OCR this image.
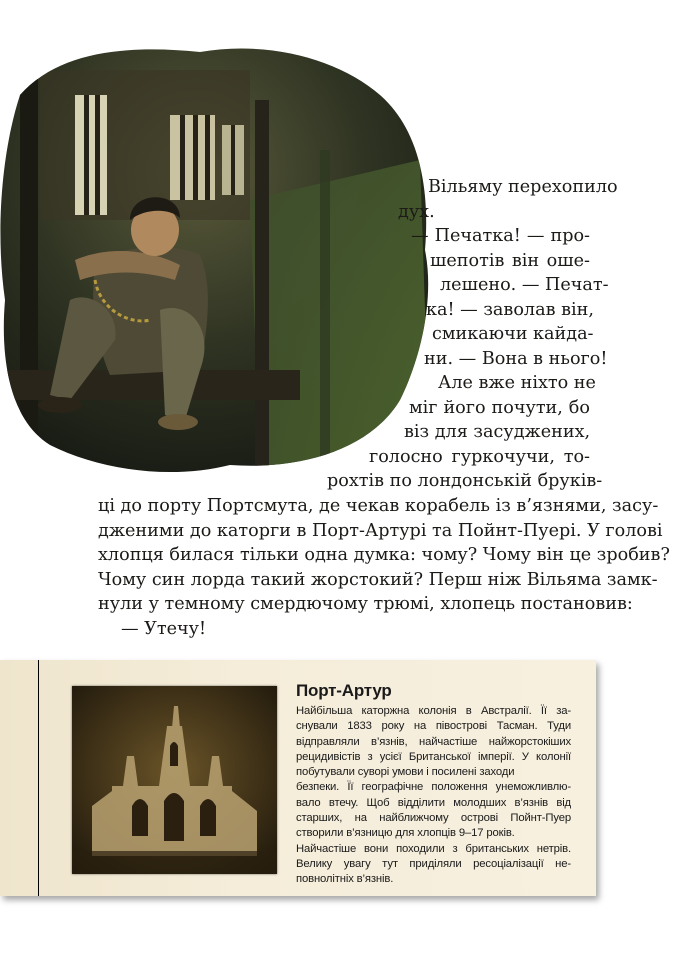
Вільяму перехопило
дух.
— Печатка! — про-
шепотів він оше-
лешено. — Печат-
ка! — заволав він,
смикаючи кайда-
ни. — Вона в нього!
Але вже ніхто не
міг його почути, бо
віз для засуджених,
голосно гуркочучи, то-
рохтів по лондонській бруків-
ці до порту Портсмута, де чекав корабель із в’язнями, засу-
дженими до каторги в Порт-Артурі та Пойнт-Пуері. У голові
хлопця билася тільки одна думка: чому? Чому він це зробив?
Чому син лорда такий жорстокий? Перш ніж Вільяма замк-
нули у темному смердючому трюмі, хлопець постановив:
— Утечу!
Порт-Артур
Найбільша каторжна колонія в Австралії. Її за-
снували 1833 року на півострові Тасман. Туди
відправляли в’язнів, найчастіше найжорстокіших
рецидивістів з усієї Британської імперії. У колонії
побутували суворі умови і посилені заходи
безпеки. Її географічне положення унеможливлю-
вало втечу. Щоб відділити молодших в’язнів від
старших, на найближчому острові Пойнт-Пуер
створили в’язницю для хлопців 9–17 років.
Найчастіше вони походили з британських нетрів.
Велику увагу тут приділяли ресоціалізації не-
повнолітніх в’язнів.
